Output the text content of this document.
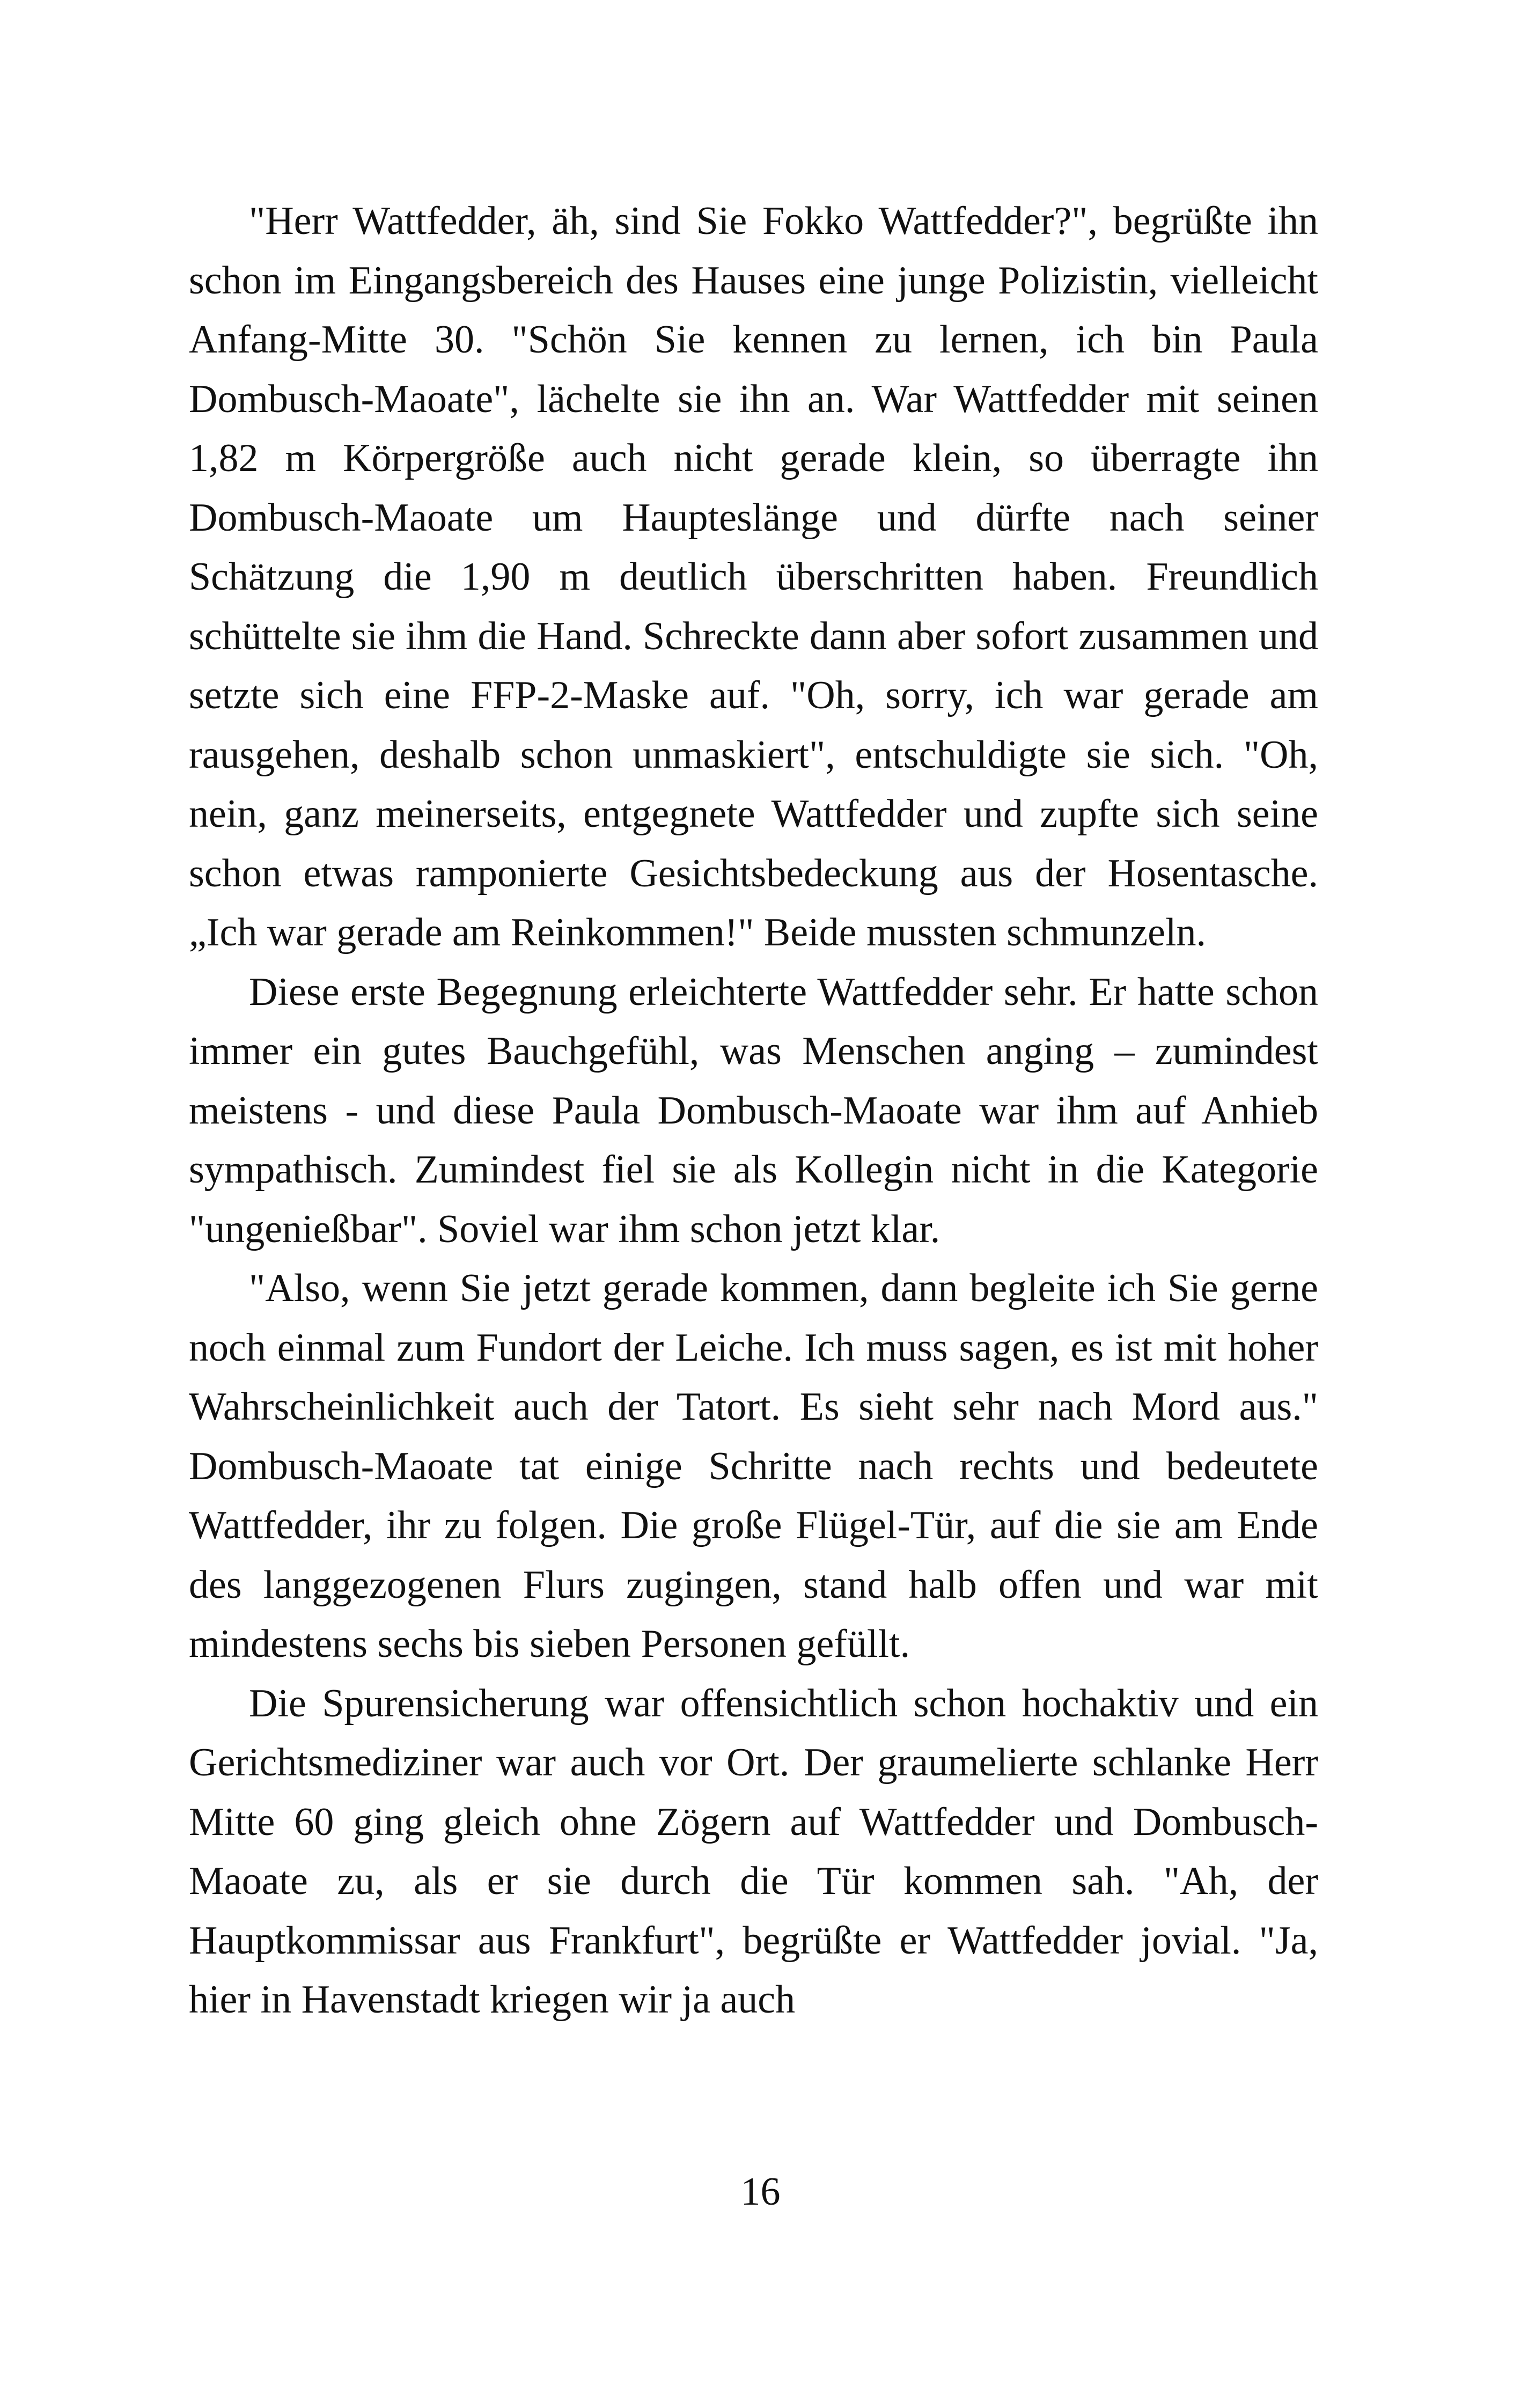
"Herr Wattfedder, äh, sind Sie Fokko Wattfedder?", begrüßte ihn schon im Eingangsbereich des Hauses eine junge Polizistin, vielleicht Anfang-Mitte 30. "Schön Sie kennen zu lernen, ich bin Paula Dombusch-Maoate", lächelte sie ihn an. War Wattfedder mit seinen 1,82 m Körpergröße auch nicht gerade klein, so überragte ihn Dombusch-Maoate um Haupteslänge und dürfte nach seiner Schätzung die 1,90 m deutlich überschritten haben. Freundlich schüttelte sie ihm die Hand. Schreckte dann aber sofort zusammen und setzte sich eine FFP-2-Maske auf. "Oh, sorry, ich war gerade am rausgehen, deshalb schon unmaskiert", entschuldigte sie sich. "Oh, nein, ganz meinerseits, entgegnete Wattfedder und zupfte sich seine schon etwas ramponierte Gesichtsbedeckung aus der Hosentasche. „Ich war gerade am Reinkommen!" Beide mussten schmunzeln.

Diese erste Begegnung erleichterte Wattfedder sehr. Er hatte schon immer ein gutes Bauchgefühl, was Menschen anging – zumindest meistens - und diese Paula Dombusch-Maoate war ihm auf Anhieb sympathisch. Zumindest fiel sie als Kollegin nicht in die Kategorie "ungenießbar". Soviel war ihm schon jetzt klar.

"Also, wenn Sie jetzt gerade kommen, dann begleite ich Sie gerne noch einmal zum Fundort der Leiche. Ich muss sagen, es ist mit hoher Wahrscheinlichkeit auch der Tatort. Es sieht sehr nach Mord aus." Dombusch-Maoate tat einige Schritte nach rechts und bedeutete Wattfedder, ihr zu folgen. Die große Flügel-Tür, auf die sie am Ende des langgezogenen Flurs zugingen, stand halb offen und war mit mindestens sechs bis sieben Personen gefüllt.

Die Spurensicherung war offensichtlich schon hochaktiv und ein Gerichtsmediziner war auch vor Ort. Der graumelierte schlanke Herr Mitte 60 ging gleich ohne Zögern auf Wattfedder und Dombusch-Maoate zu, als er sie durch die Tür kommen sah. "Ah, der Hauptkommissar aus Frankfurt", begrüßte er Wattfedder jovial. "Ja, hier in Havenstadt kriegen wir ja auch

16
